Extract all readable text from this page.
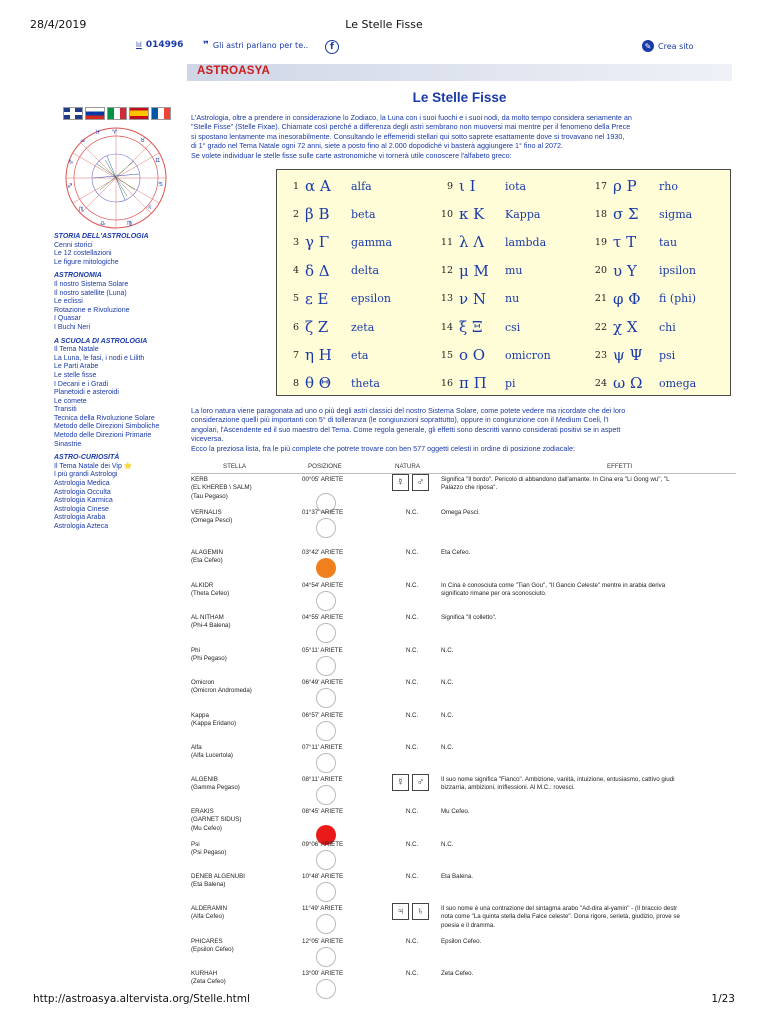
28/4/2019	Le Stelle Fisse
lıl 014996 ❞ Gli astri parlano per te..	f	✎ Crea sito
ASTROASYA
Le Stelle Fisse
♈
♉
♊
♋
♌
♍
♎
♏
♐
♑
♒
♓
STORIA DELL'ASTROLOGIA
Cenni storici
Le 12 costellazioni
Le figure mitologiche
ASTRONOMIA
Il nostro Sistema Solare
Il nostro satellite (Luna)
Le eclissi
Rotazione e Rivoluzione
I Quasar
I Buchi Neri
A SCUOLA DI ASTROLOGIA
Il Tema Natale
La Luna, le fasi, i nodi e Lilith
Le Parti Arabe
Le stelle fisse
I Decani e i Gradi
Planetoidi e asteroidi
Le comete
Transiti
Tecnica della Rivoluzione Solare
Metodo delle Direzioni Simboliche
Metodo delle Direzioni Primarie
Sinastrie
ASTRO-CURIOSITÀ
Il Tema Natale dei Vip ⭐
I più grandi Astrologi
Astrologia Medica
Astrologia Occulta
Astrologia Karmica
Astrologia Cinese
Astrologia Araba
Astrologia Azteca
L'Astrologia, oltre a prendere in considerazione lo Zodiaco, la Luna con i suoi fuochi e i suoi nodi, da molto tempo considera seriamente an
"Stelle Fisse" (Stelle Fixae). Chiamate così perché a differenza degli astri sembrano non muoversi mai mentre per il fenomeno della Prece
si spostano lentamente ma inesorabilmente. Consultando le effemeridi stellari qui sotto saprete esattamente dove si trovavano nel 1930,
di 1° grado nel Tema Natale ogni 72 anni, siete a posto fino al 2.000 dopodiché vi basterà aggiungere 1° fino al 2072.
Se volete individuar le stelle fisse sulle carte astronomiche vi tornerà utile conoscere l'alfabeto greco:
1 α Α	alfa
2 β Β	beta
3 γ Γ	gamma
4 δ Δ	delta
5 ε Ε	epsilon
6 ζ Ζ	zeta
7 η Η	eta
8 θ Θ	theta
9 ι Ι	iota
10 κ Κ	Kappa
11 λ Λ	lambda
12 μ Μ	mu
13 ν Ν	nu
14 ξ Ξ	csi
15 ο Ο	omicron
16 π Π	pi
17 ρ Ρ	rho
18 σ Σ	sigma
19 τ Τ	tau
20 υ Υ	ipsilon
21 φ Φ	fi (phi)
22 χ Χ	chi
23 ψ Ψ	psi
24 ω Ω	omega
La loro natura viene paragonata ad uno o più degli astri classici del nostro Sistema Solare, come potete vedere ma ricordate che dei loro
considerazione quelli più importanti con 5° di tolleranza (le congiunzioni soprattutto), oppure in congiunzione con il Medium Coeli, l'I
angolari, l'Ascendente ed il suo maestro del Tema. Come regola generale, gli effetti sono descritti vanno considerati positivi se in aspett
viceversa.
Ecco la preziosa lista, fra le più complete che potrete trovare con ben 577 oggetti celesti in ordine di posizione zodiacale:
STELLA	POSIZIONE	NATURA	EFFETTI
KERB
(EL KHEREB \ SALM)
(Tau Pegaso)
00°05' ARIETE	☿ ♂	Significa "Il bordo". Pericolo di abbandono dall'amante. In Cina era "Li Gong wu", "L
Palazzo che riposa".
VERNALIS
(Omega Pesci)
01°37' ARIETE	N.C.	Omega Pesci.
ALAGEMIN
(Eta Cefeo)
03°42' ARIETE	N.C.	Eta Cefeo.
ALKIDR
(Theta Cefeo)
04°54' ARIETE	N.C.	In Cina è conosciuta come "Tian Gou", "Il Gancio Celeste" mentre in arabia deriva
significato rimane per ora sconosciuto.
AL NITHAM
(Phi-4 Balena)
04°55' ARIETE	N.C.	Significa "Il colletto".
Phi
(Phi Pegaso)
05°11' ARIETE	N.C.	N.C.
Omicron
(Omicron Andromeda)
06°49' ARIETE	N.C.	N.C.
Kappa
(Kappa Eridano)
06°57' ARIETE	N.C.	N.C.
Alfa
(Alfa Lucertola)
07°11' ARIETE	N.C.	N.C.
ALGENIB
(Gamma Pegaso)
08°11' ARIETE	☿ ♂	Il suo nome significa "Fianco". Ambizione, vanità, intuizione, entusiasmo, cattivo giudi
bizzarria, ambizioni, irriflessioni. Al M.C.: rovesci.
ERAKIS
(GARNET SIDUS)
(Mu Cefeo)
08°45' ARIETE	N.C.	Mu Cefeo.
Psi
(Psi Pegaso)
09°06' ARIETE	N.C.	N.C.
DENEB ALGENUBI
(Eta Balena)
10°48' ARIETE	N.C.	Eta Balena.
ALDERAMIN
(Alfa Cefeo)
11°49' ARIETE	♃ ♄	Il suo nome è una contrazione del sintagma arabo "Ad-dira al-yamin" - (Il braccio destr
nota come "La quinta stella della Falce celeste". Dona rigore, serietà, giudizio, prove se
poesia e il dramma.
PHICARES
(Epsilon Cefeo)
12°05' ARIETE	N.C.	Epsilon Cefeo.
KURHAH
(Zeta Cefeo)
13°00' ARIETE	N.C.	Zeta Cefeo.
http://astroasya.altervista.org/Stelle.html	1/23
